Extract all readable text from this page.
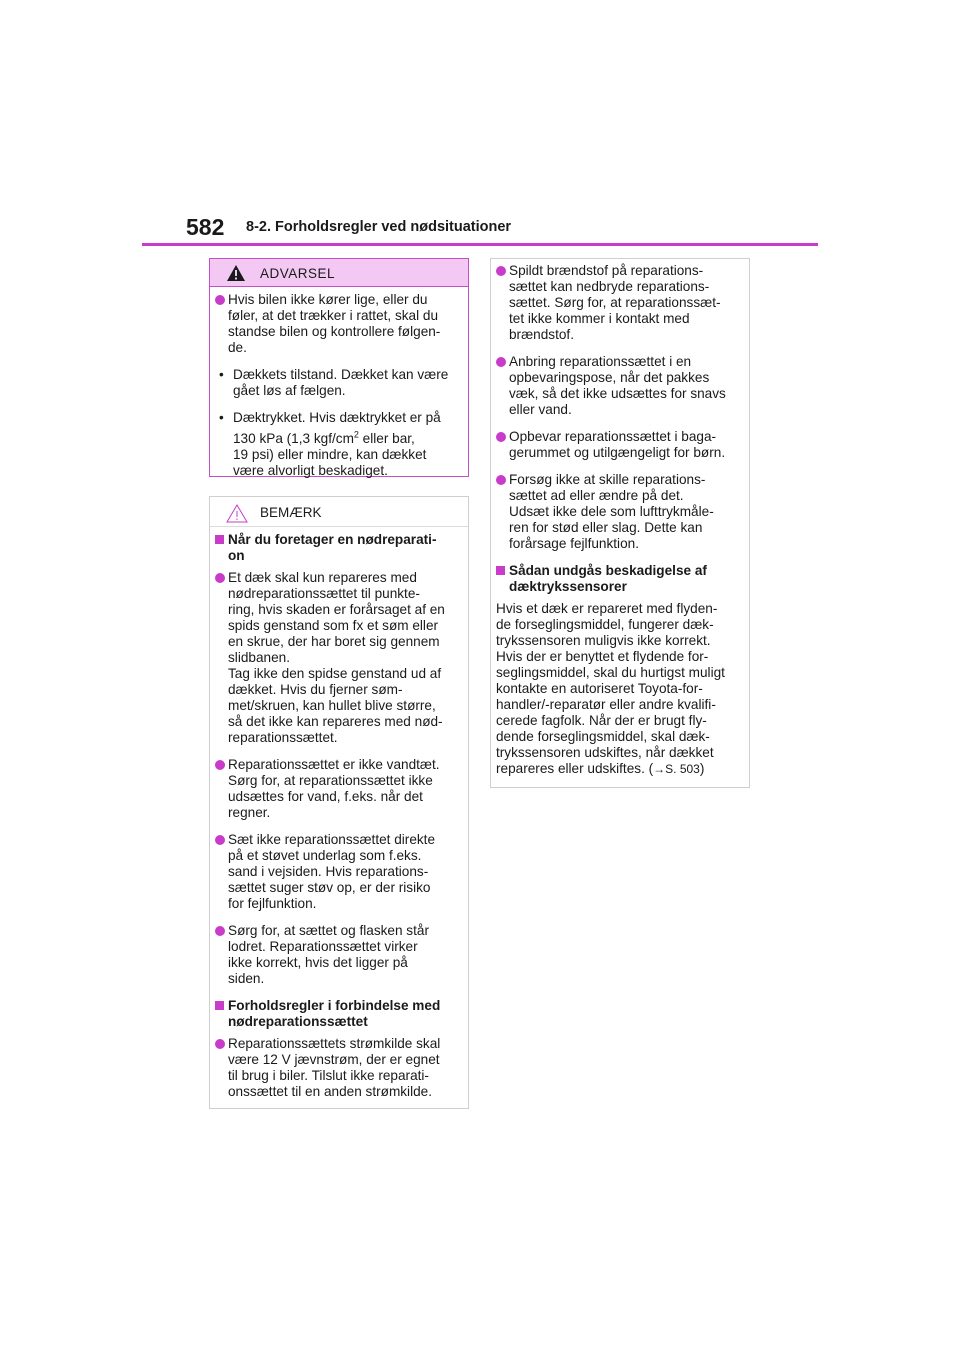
582 8-2. Forholdsregler ved nødsituationer
ADVARSEL
Hvis bilen ikke kører lige, eller du
føler, at det trækker i rattet, skal du
standse bilen og kontrollere følgen-
de.
• Dækkets tilstand. Dækket kan være
gået løs af fælgen.
• Dæktrykket. Hvis dæktrykket er på
130 kPa (1,3 kgf/$cm^2$ eller bar,
19 psi) eller mindre, kan dækket
være alvorligt beskadiget.
BEMÆRK
Når du foretager en nødreparati-
on
Et dæk skal kun repareres med
nødreparationssættet til punkte-
ring, hvis skaden er forårsaget af en
spids genstand som fx et søm eller
en skrue, der har boret sig gennem
slidbanen.
Tag ikke den spidse genstand ud af
dækket. Hvis du fjerner søm-
met/skruen, kan hullet blive større,
så det ikke kan repareres med nød-
reparationssættet.
Reparationssættet er ikke vandtæt.
Sørg for, at reparationssættet ikke
udsættes for vand, f.eks. når det
regner.
Sæt ikke reparationssættet direkte
på et støvet underlag som f.eks.
sand i vejsiden. Hvis reparations-
sættet suger støv op, er der risiko
for fejlfunktion.
Sørg for, at sættet og flasken står
lodret. Reparationssættet virker
ikke korrekt, hvis det ligger på
siden.
Forholdsregler i forbindelse med
nødreparationssættet
Reparationssættets strømkilde skal
være 12 V jævnstrøm, der er egnet
til brug i biler. Tilslut ikke reparati-
onssættet til en anden strømkilde.
Spildt brændstof på reparations-
sættet kan nedbryde reparations-
sættet. Sørg for, at reparationssæt-
tet ikke kommer i kontakt med
brændstof.
Anbring reparationssættet i en
opbevaringspose, når det pakkes
væk, så det ikke udsættes for snavs
eller vand.
Opbevar reparationssættet i baga-
gerummet og utilgængeligt for børn.
Forsøg ikke at skille reparations-
sættet ad eller ændre på det.
Udsæt ikke dele som lufttrykmåle-
ren for stød eller slag. Dette kan
forårsage fejlfunktion.
Sådan undgås beskadigelse af
dæktrykssensorer
Hvis et dæk er repareret med flyden-
de forseglingsmiddel, fungerer dæk-
trykssensoren muligvis ikke korrekt.
Hvis der er benyttet et flydende for-
seglingsmiddel, skal du hurtigst muligt
kontakte en autoriseret Toyota-for-
handler/-reparatør eller andre kvalifi-
cerede fagfolk. Når der er brugt fly-
dende forseglingsmiddel, skal dæk-
trykssensoren udskiftes, når dækket
repareres eller udskiftes. (→S. 503)
